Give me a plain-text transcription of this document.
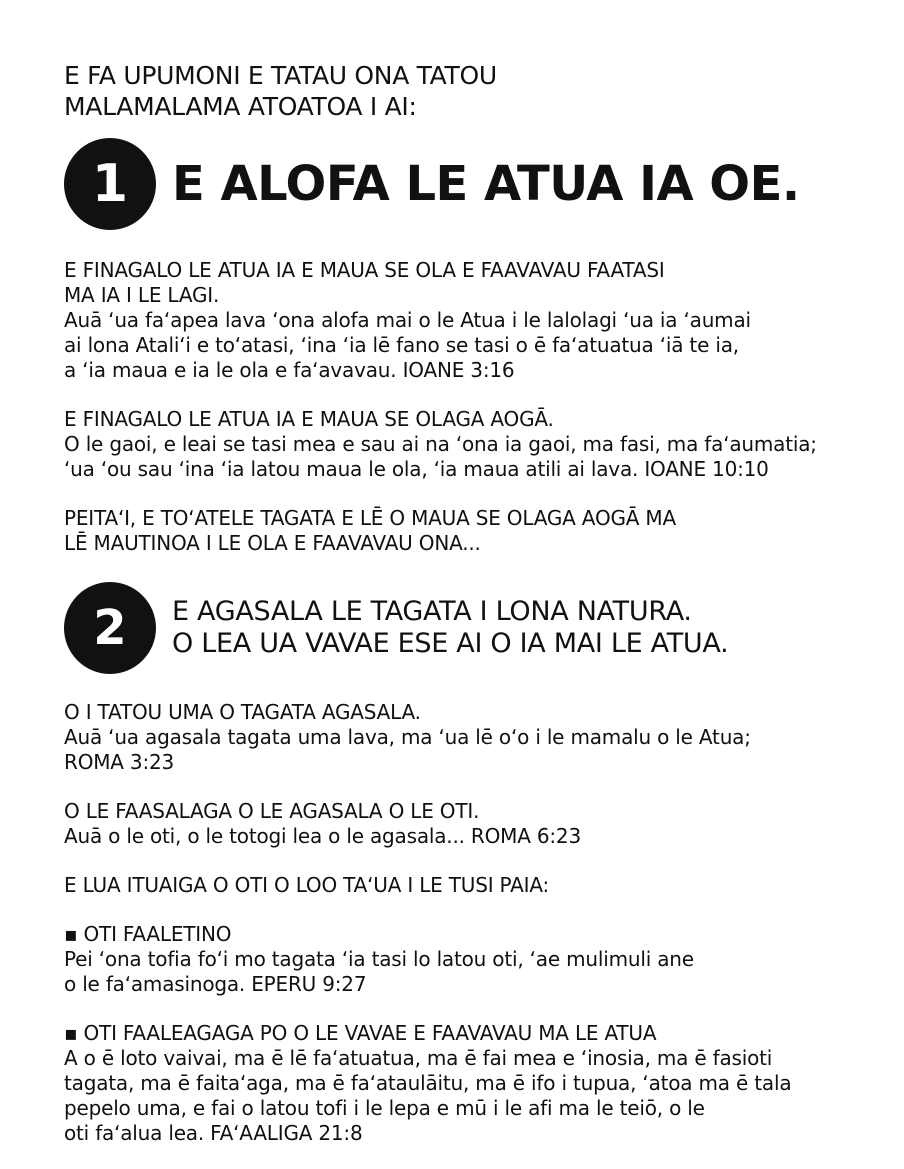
E FA UPUMONI E TATAU ONA TATOU
MALAMALAMA ATOATOA I AI:
1 E ALOFA LE ATUA IA OE.
E FINAGALO LE ATUA IA E MAUA SE OLA E FAAVAVAU FAATASI
MA IA I LE LAGI.
Auā ʻua faʻapea lava ʻona alofa mai o le Atua i le lalolagi ʻua ia ʻaumai
ai lona Atali‘i e to‘atasi, ʻina ʻia lē fano se tasi o ē faʻatuatua ʻiā te ia,
a ʻia maua e ia le ola e faʻavavau. IOANE 3:16
E FINAGALO LE ATUA IA E MAUA SE OLAGA AOGĀ.
O le gaoi, e leai se tasi mea e sau ai na ʻona ia gaoi, ma fasi, ma faʻaumatia;
ʻua ʻou sau ʻina ʻia latou maua le ola, ʻia maua atili ai lava. IOANE 10:10
PEITA‘I, E TO‘ATELE TAGATA E LĒ O MAUA SE OLAGA AOGĀ MA
LĒ MAUTINOA I LE OLA E FAAVAVAU ONA...
2	E AGASALA LE TAGATA I LONA NATURA.
O LEA UA VAVAE ESE AI O IA MAI LE ATUA.
O I TATOU UMA O TAGATA AGASALA.
Auā ʻua agasala tagata uma lava, ma ʻua lē o‘o i le mamalu o le Atua;
ROMA 3:23
O LE FAASALAGA O LE AGASALA O LE OTI.
Auā o le oti, o le totogi lea o le agasala... ROMA 6:23
E LUA ITUAIGA O OTI O LOO TA‘UA I LE TUSI PAIA:
▪ OTI FAALETINO
Pei ʻona tofia fo‘i mo tagata ʻia tasi lo latou oti, ʻae mulimuli ane
o le faʻamasinoga. EPERU 9:27
▪ OTI FAALEAGAGA PO O LE VAVAE E FAAVAVAU MA LE ATUA
A o ē loto vaivai, ma ē lē faʻatuatua, ma ē fai mea e ʻinosia, ma ē fasioti
tagata, ma ē faita‘aga, ma ē faʻataulāitu, ma ē ifo i tupua, ʻatoa ma ē tala
pepelo uma, e fai o latou tofi i le lepa e mū i le afi ma le teiō, o le
oti faʻalua lea. FAʻAALIGA 21:8
